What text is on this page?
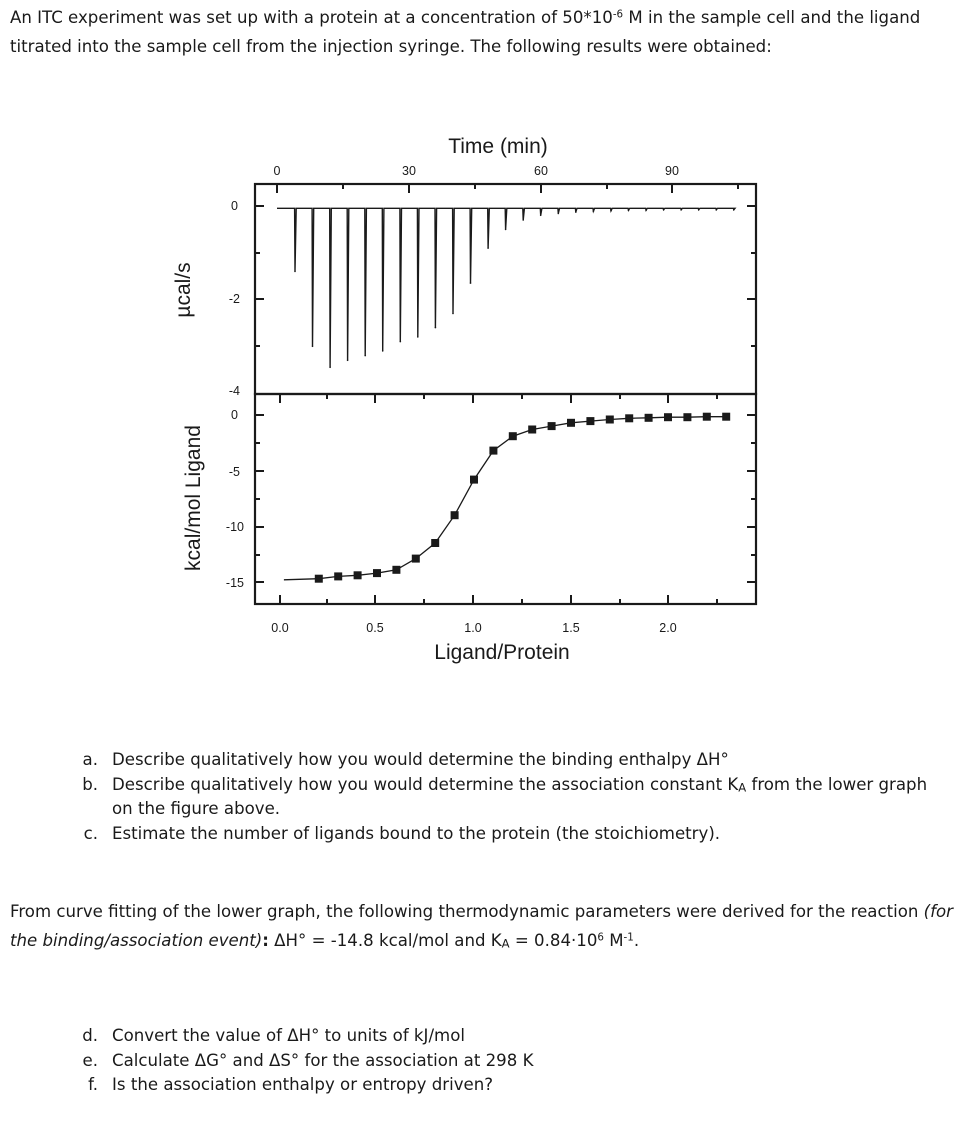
An ITC experiment was set up with a protein at a concentration of $50*10^{-6}$ M in the sample cell and the ligand titrated into the sample cell from the injection syringe. The following results were obtained:

Time (min)
Ligand/Protein
µcal/s
kcal/mol Ligand
0	30	60	90
0
-2
-4
0.0	0.5	1.0	1.5	2.0
0
-5
-10
-15
a. Describe qualitatively how you would determine the binding enthalpy ΔH°
b. Describe qualitatively how you would determine the association constant $K_A$ from the lower graph on the figure above.
c. Estimate the number of ligands bound to the protein (the stoichiometry).

From curve fitting of the lower graph, the following thermodynamic parameters were derived for the reaction (for the binding/association event): ΔH° = -14.8 kcal/mol and $K_A = 0.84\cdot 10^6$ $M^{-1}$.

d. Convert the value of ΔH° to units of kJ/mol
e. Calculate ΔG° and ΔS° for the association at 298 K
f. Is the association enthalpy or entropy driven?
